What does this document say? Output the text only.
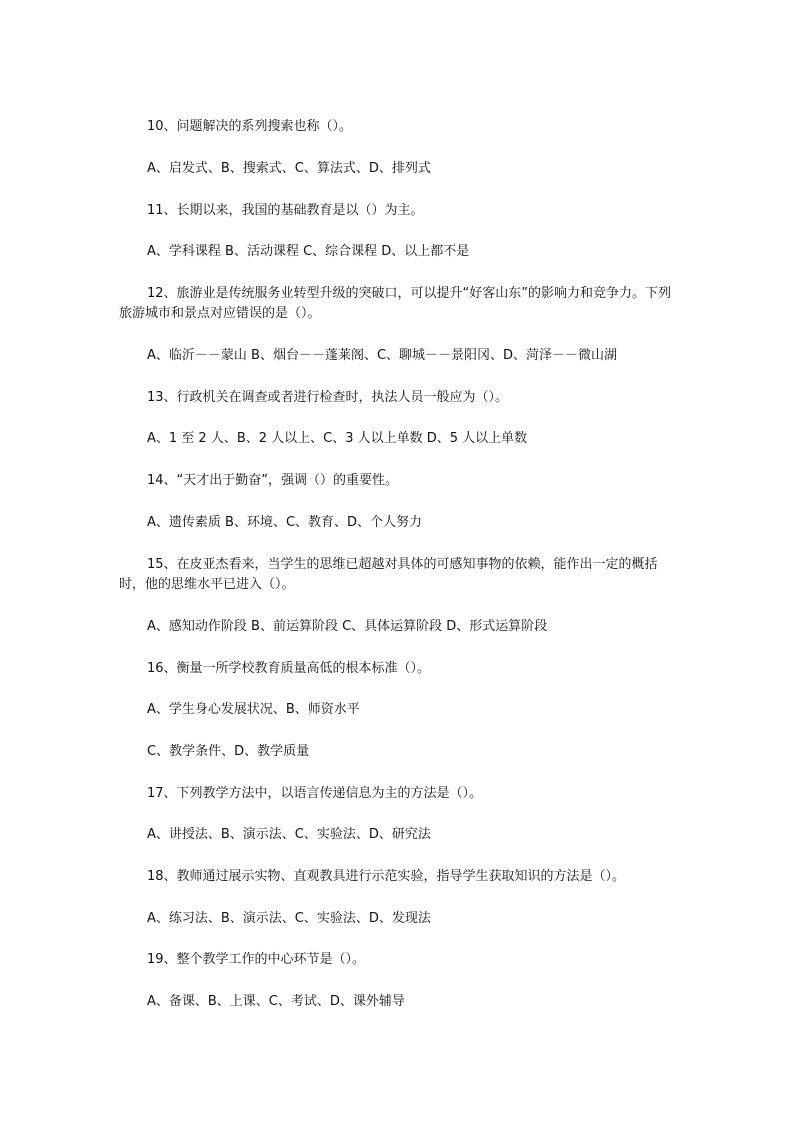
10、问题解决的系列搜索也称（）。

A、启发式、B、搜索式、C、算法式、D、排列式

11、长期以来，我国的基础教育是以（）为主。

A、学科课程 B、活动课程 C、综合课程 D、以上都不是

12、旅游业是传统服务业转型升级的突破口，可以提升“好客山东”的影响力和竞争力。下列旅游城市和景点对应错误的是（）。

A、临沂－－蒙山 B、烟台－－蓬莱阁、C、聊城－－景阳冈、D、菏泽－－微山湖

13、行政机关在调查或者进行检查时，执法人员一般应为（）。

A、1 至 2 人、B、2 人以上、C、3 人以上单数 D、5 人以上单数

14、“天才出于勤奋”，强调（）的重要性。

A、遗传素质 B、环境、C、教育、D、个人努力

15、在皮亚杰看来，当学生的思维已超越对具体的可感知事物的依赖，能作出一定的概括时，他的思维水平已进入（）。

A、感知动作阶段 B、前运算阶段 C、具体运算阶段 D、形式运算阶段

16、衡量一所学校教育质量高低的根本标准（）。

A、学生身心发展状况、B、师资水平

C、教学条件、D、教学质量

17、下列教学方法中，以语言传递信息为主的方法是（）。

A、讲授法、B、演示法、C、实验法、D、研究法

18、教师通过展示实物、直观教具进行示范实验，指导学生获取知识的方法是（）。

A、练习法、B、演示法、C、实验法、D、发现法

19、整个教学工作的中心环节是（）。

A、备课、B、上课、C、考试、D、课外辅导
